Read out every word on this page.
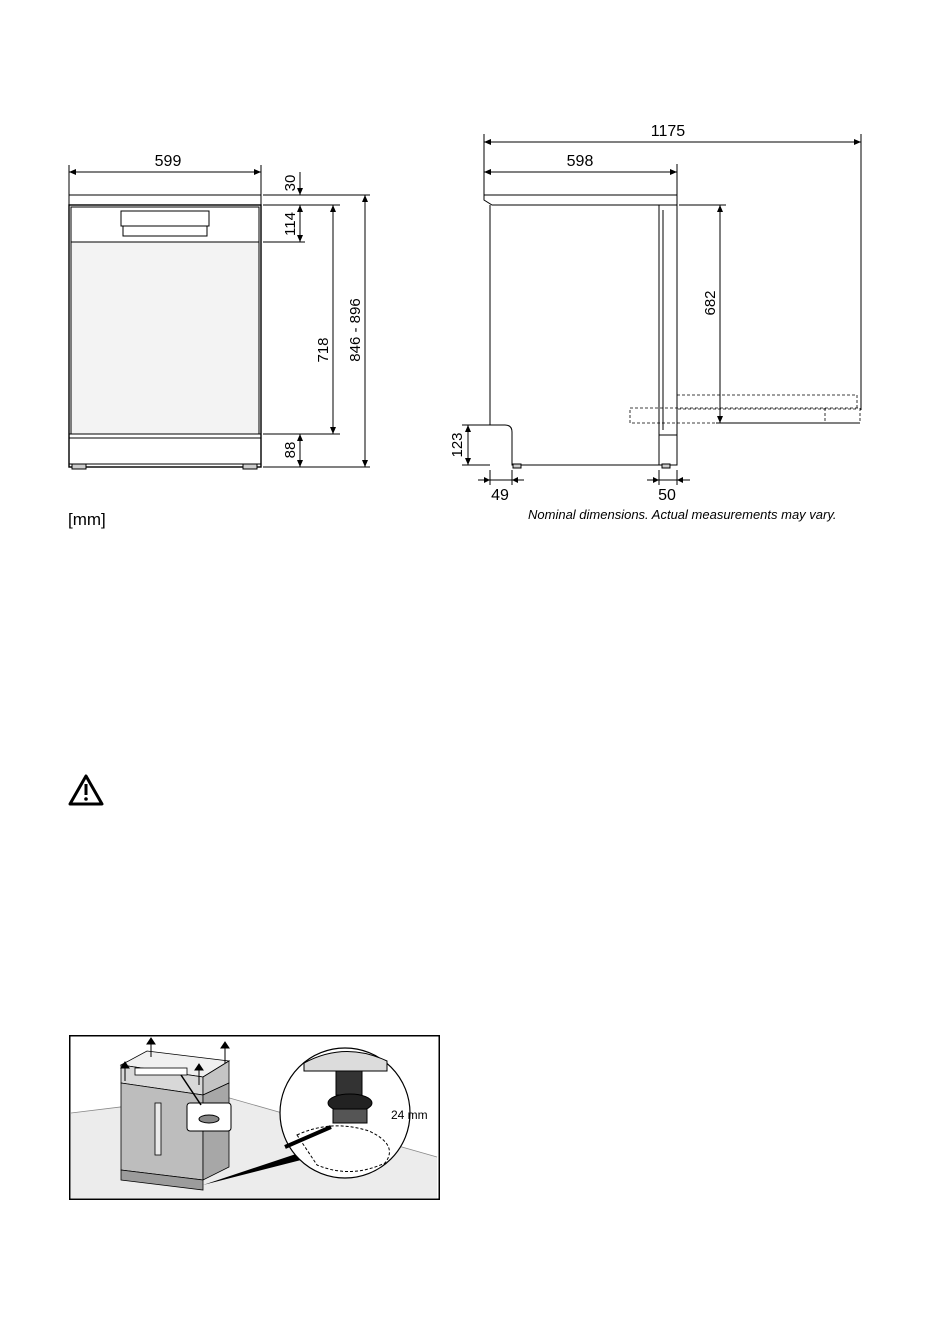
599
30
114
718 846 - 896
88
1175
598
682
123
49	50
[mm]	Nominal dimensions. Actual measurements may vary.
24 mm
